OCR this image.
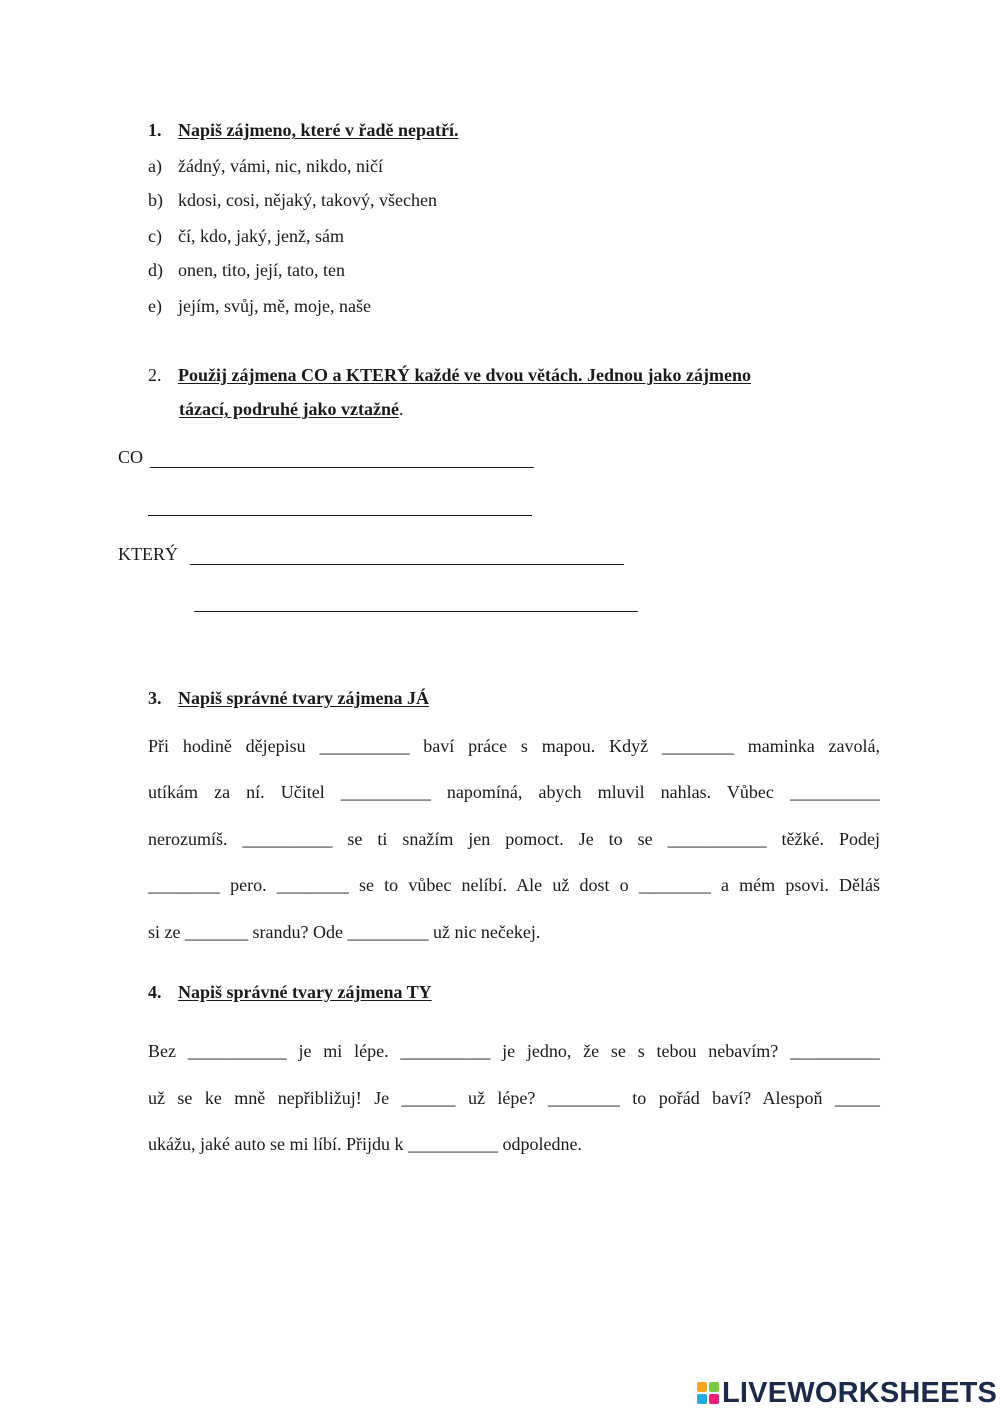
1. Napiš zájmeno, které v řadě nepatří.
a) žádný, vámi, nic, nikdo, ničí
b) kdosi, cosi, nějaký, takový, všechen
c) čí, kdo, jaký, jenž, sám
d) onen, tito, její, tato, ten
e) jejím, svůj, mě, moje, naše
2. Použij zájmena CO a KTERÝ každé ve dvou větách. Jednou jako zájmeno
tázací, podruhé jako vztažné.
CO
KTERÝ
3. Napiš správné tvary zájmena JÁ
Při hodině dějepisu __________ baví práce s mapou. Když ________ maminka zavolá,
utíkám za ní. Učitel __________ napomíná, abych mluvil nahlas. Vůbec __________
nerozumíš. __________ se ti snažím jen pomoct. Je to se ___________ těžké. Podej
________ pero. ________ se to vůbec nelíbí. Ale už dost o ________ a mém psovi. Děláš
si ze _______ srandu? Ode _________ už nic nečekej.
4. Napiš správné tvary zájmena TY
Bez ___________ je mi lépe. __________ je jedno, že se s tebou nebavím? __________
už se ke mně nepřibližuj! Je ______ už lépe? ________ to pořád baví? Alespoň _____
ukážu, jaké auto se mi líbí. Přijdu k __________ odpoledne.
LIVEWORKSHEETS
